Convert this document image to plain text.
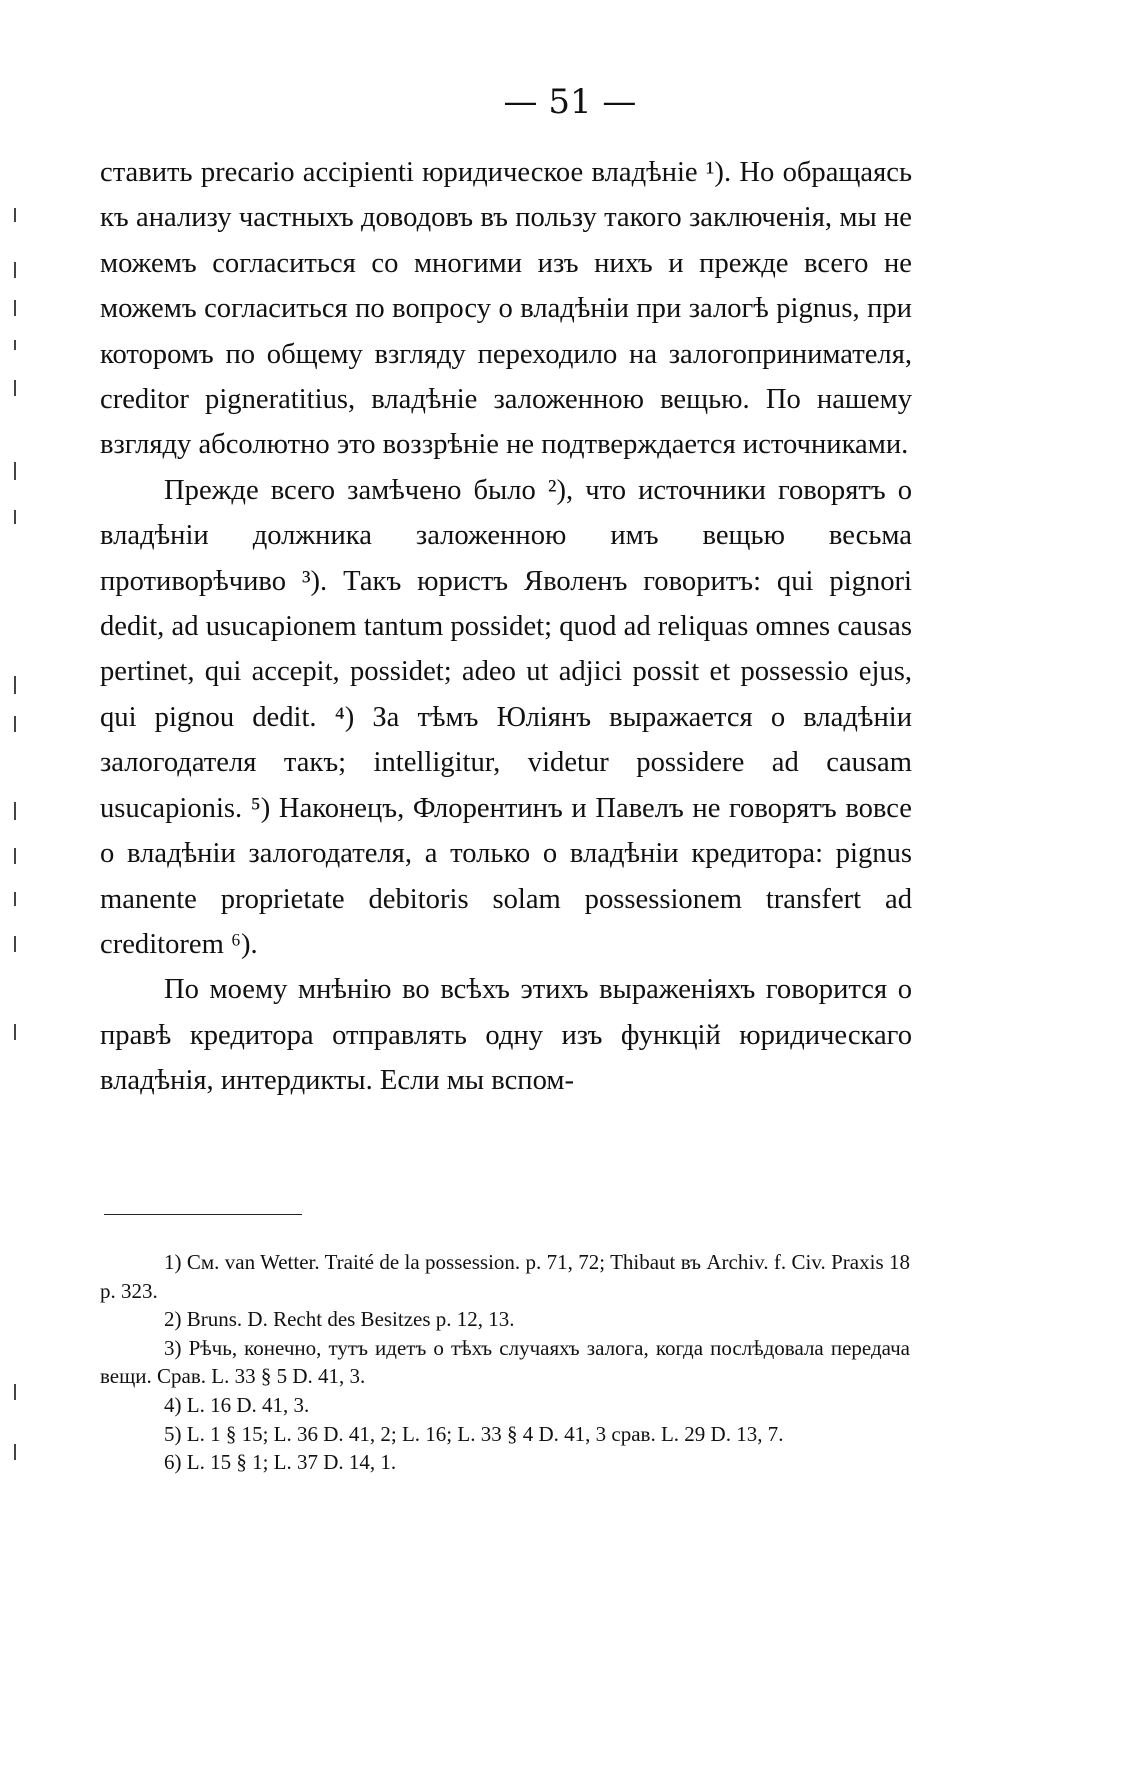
— 51 —

ставить precario accipienti юридическое владѣніе ¹). Но обращаясь къ анализу частныхъ доводовъ въ пользу такого заключенія, мы не можемъ согласиться со многими изъ нихъ и прежде всего не можемъ согласиться по вопросу о владѣніи при залогѣ pignus, при которомъ по общему взгляду переходило на залогопринимателя, creditor pigneratitius, владѣніе заложенною вещью. По нашему взгляду абсолютно это воззрѣніе не подтверждается источниками.

Прежде всего замѣчено было ²), что источники говорятъ о владѣніи должника заложенною имъ вещью весьма противорѣчиво ³). Такъ юристъ Яволенъ говоритъ: qui pignori dedit, ad usucapionem tantum possidet; quod ad reliquas omnes causas pertinet, qui accepit, possidet; adeo ut adjici possit et possessio ejus, qui pignou dedit. ⁴) За тѣмъ Юліянъ выражается о владѣніи залогодателя такъ; intelligitur, videtur possidere ad causam usucapionis. ⁵) Наконецъ, Флорентинъ и Павелъ не говорятъ вовсе о владѣніи залогодателя, а только о владѣніи кредитора: pignus manente proprietate debitoris solam possessionem transfert ad creditorem ⁶).

По моему мнѣнію во всѣхъ этихъ выраженіяхъ говорится о правѣ кредитора отправлять одну изъ функцій юридическаго владѣнія, интердикты. Если мы вспом-

1) См. van Wetter. Traité de la possession. p. 71, 72; Thibaut въ Archiv. f. Civ. Praxis 18 p. 323.

2) Bruns. D. Recht des Besitzes p. 12, 13.

3) Рѣчь, конечно, тутъ идетъ о тѣхъ случаяхъ залога, когда послѣдовала передача вещи. Срав. L. 33 § 5 D. 41, 3.

4) L. 16 D. 41, 3.

5) L. 1 § 15; L. 36 D. 41, 2; L. 16; L. 33 § 4 D. 41, 3 срав. L. 29 D. 13, 7.

6) L. 15 § 1; L. 37 D. 14, 1.
